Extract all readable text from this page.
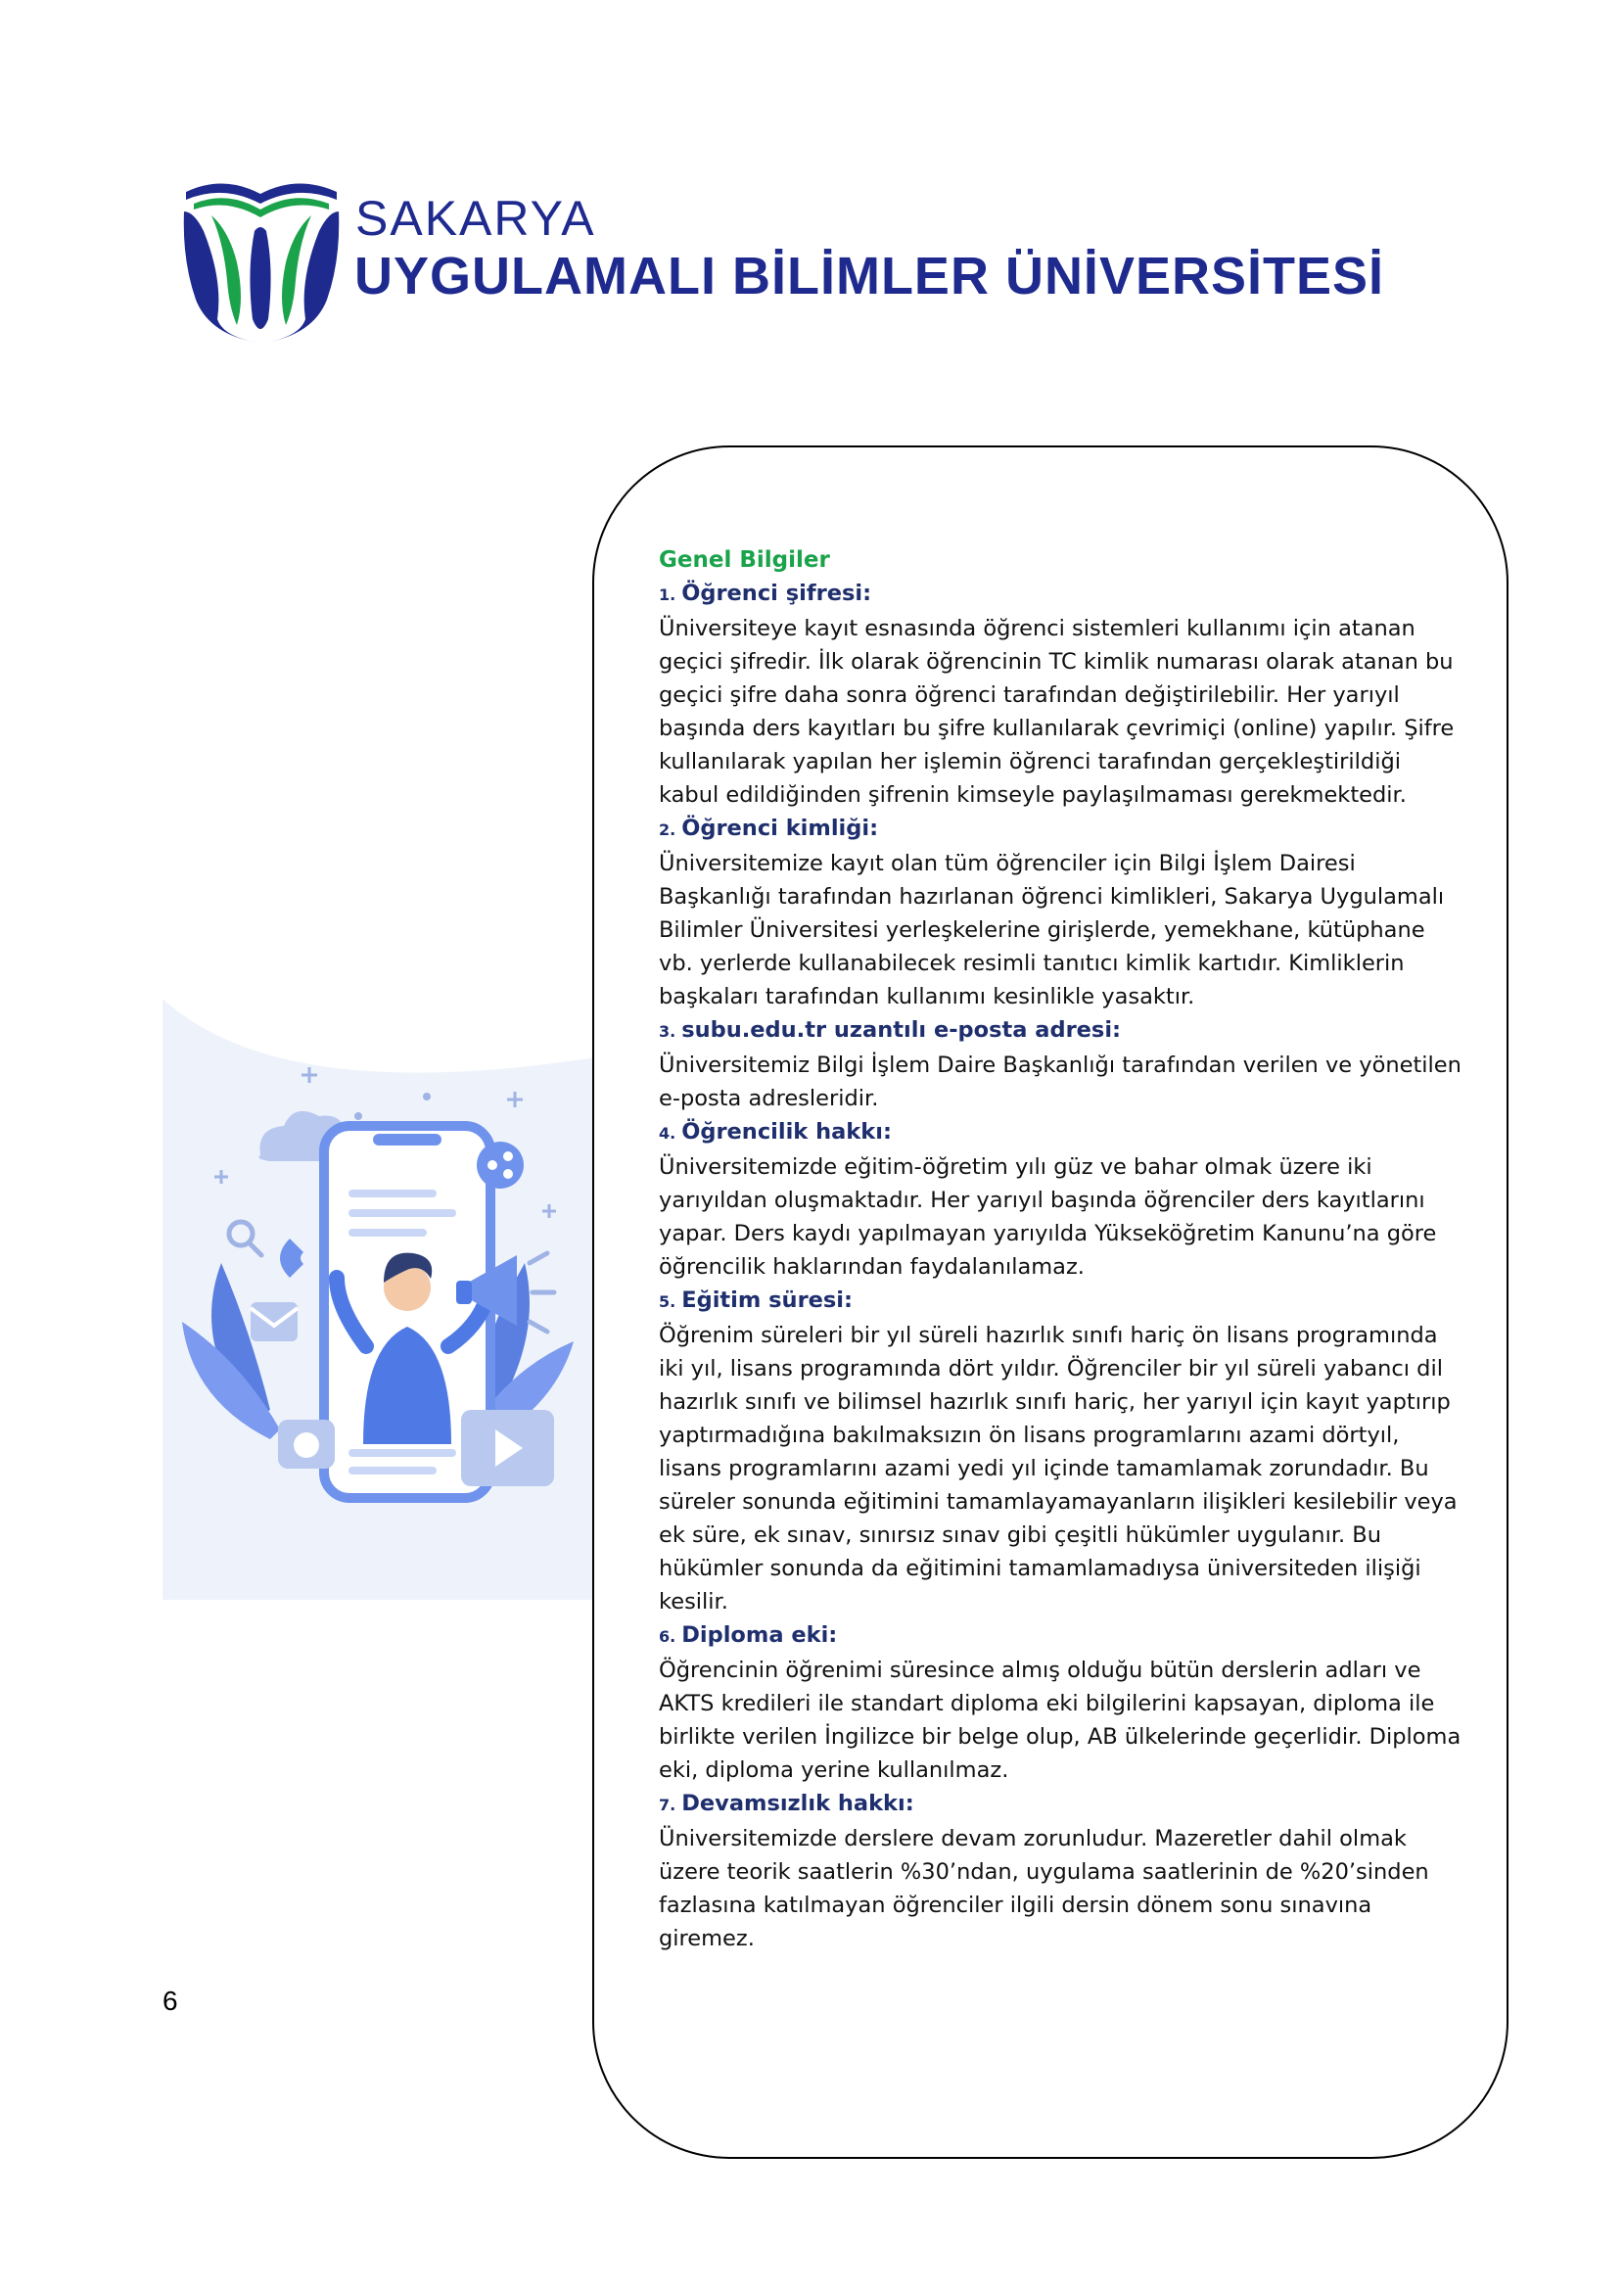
SAKARYA
UYGULAMALI BİLİMLER ÜNİVERSİTESİ
Genel Bilgiler
1. Öğrenci şifresi:

Üniversiteye kayıt esnasında öğrenci sistemleri kullanımı için atanan geçici şifredir. İlk olarak öğrencinin TC kimlik numarası olarak atanan bu geçici şifre daha sonra öğrenci tarafından değiştirilebilir. Her yarıyıl başında ders kayıtları bu şifre kullanılarak çevrimiçi (online) yapılır. Şifre kullanılarak yapılan her işlemin öğrenci tarafından gerçekleştirildiği kabul edildiğinden şifrenin kimseyle paylaşılmaması gerekmektedir.

2. Öğrenci kimliği:

Üniversitemize kayıt olan tüm öğrenciler için Bilgi İşlem Dairesi Başkanlığı tarafından hazırlanan öğrenci kimlikleri, Sakarya Uygulamalı Bilimler Üniversitesi yerleşkelerine girişlerde, yemekhane, kütüphane vb. yerlerde kullanabilecek resimli tanıtıcı kimlik kartıdır. Kimliklerin başkaları tarafından kullanımı kesinlikle yasaktır.

3. subu.edu.tr uzantılı e-posta adresi:

Üniversitemiz Bilgi İşlem Daire Başkanlığı tarafından verilen ve yönetilen e-posta adresleridir.

4. Öğrencilik hakkı:

Üniversitemizde eğitim-öğretim yılı güz ve bahar olmak üzere iki yarıyıldan oluşmaktadır. Her yarıyıl başında öğrenciler ders kayıtlarını yapar. Ders kaydı yapılmayan yarıyılda Yükseköğretim Kanunu’na göre öğrencilik haklarından faydalanılamaz.

5. Eğitim süresi:

Öğrenim süreleri bir yıl süreli hazırlık sınıfı hariç ön lisans programında iki yıl, lisans programında dört yıldır. Öğrenciler bir yıl süreli yabancı dil hazırlık sınıfı ve bilimsel hazırlık sınıfı hariç, her yarıyıl için kayıt yaptırıp yaptırmadığına bakılmaksızın ön lisans programlarını azami dörtyıl, lisans programlarını azami yedi yıl içinde tamamlamak zorundadır. Bu süreler sonunda eğitimini tamamlayamayanların ilişikleri kesilebilir veya ek süre, ek sınav, sınırsız sınav gibi çeşitli hükümler uygulanır. Bu hükümler sonunda da eğitimini tamamlamadıysa üniversiteden ilişiği kesilir.

6. Diploma eki:

Öğrencinin öğrenimi süresince almış olduğu bütün derslerin adları ve AKTS kredileri ile standart diploma eki bilgilerini kapsayan, diploma ile birlikte verilen İngilizce bir belge olup, AB ülkelerinde geçerlidir. Diploma eki, diploma yerine kullanılmaz.

7. Devamsızlık hakkı:

Üniversitemizde derslere devam zorunludur. Mazeretler dahil olmak üzere teorik saatlerin %30’ndan, uygulama saatlerinin de %20’sinden fazlasına katılmayan öğrenciler ilgili dersin dönem sonu sınavına giremez.

6
